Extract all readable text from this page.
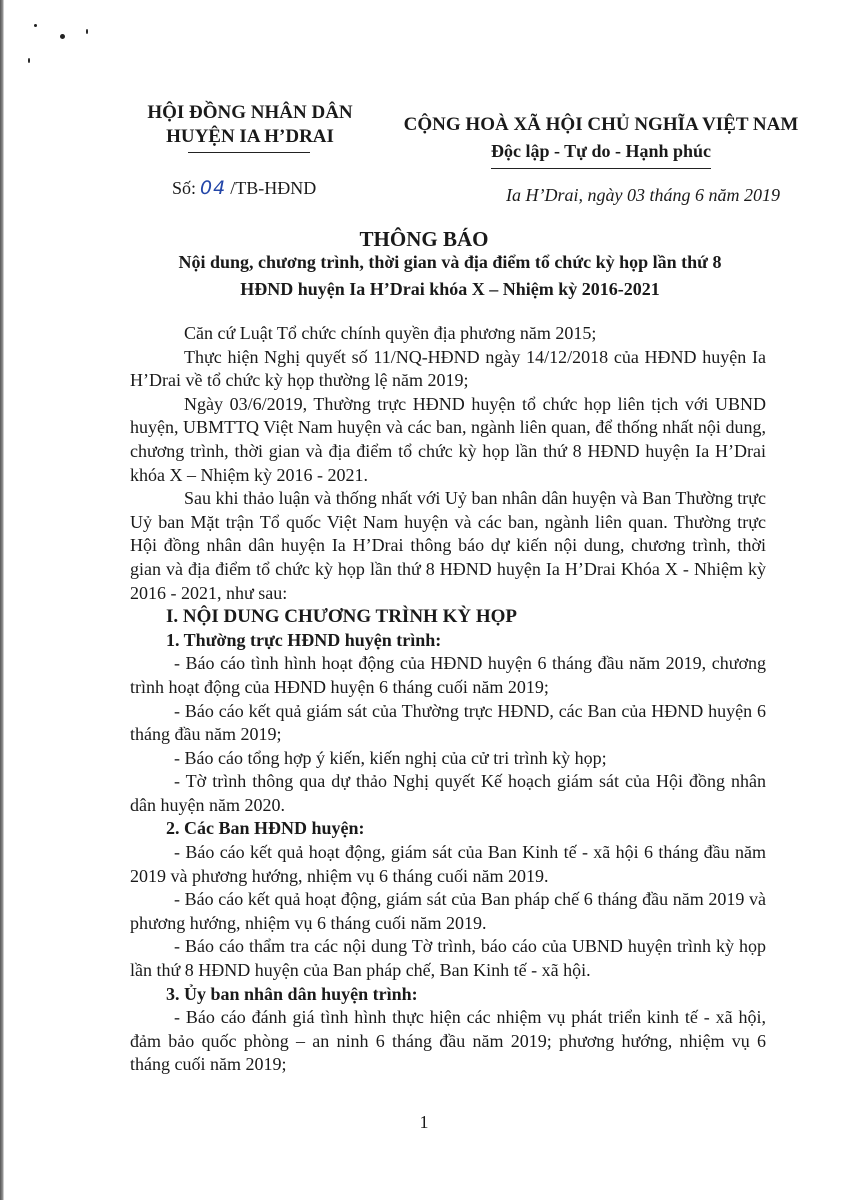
HỘI ĐỒNG NHÂN DÂN
HUYỆN IA H’DRAI
CỘNG HOÀ XÃ HỘI CHỦ NGHĨA VIỆT NAM
Độc lập - Tự do - Hạnh phúc
Số: 04 /TB-HĐND	Ia H’Drai, ngày 03 tháng 6 năm 2019
THÔNG BÁO
Nội dung, chương trình, thời gian và địa điểm tổ chức kỳ họp lần thứ 8
HĐND huyện Ia H’Drai khóa X – Nhiệm kỳ 2016-2021

Căn cứ Luật Tổ chức chính quyền địa phương năm 2015;

Thực hiện Nghị quyết số 11/NQ-HĐND ngày 14/12/2018 của HĐND huyện Ia H’Drai về tổ chức kỳ họp thường lệ năm 2019;

Ngày 03/6/2019, Thường trực HĐND huyện tổ chức họp liên tịch với UBND huyện, UBMTTQ Việt Nam huyện và các ban, ngành liên quan, để thống nhất nội dung, chương trình, thời gian và địa điểm tổ chức kỳ họp lần thứ 8 HĐND huyện Ia H’Drai khóa X – Nhiệm kỳ 2016 - 2021.

Sau khi thảo luận và thống nhất với Uỷ ban nhân dân huyện và Ban Thường trực Uỷ ban Mặt trận Tổ quốc Việt Nam huyện và các ban, ngành liên quan. Thường trực Hội đồng nhân dân huyện Ia H’Drai thông báo dự kiến nội dung, chương trình, thời gian và địa điểm tổ chức kỳ họp lần thứ 8 HĐND huyện Ia H’Drai Khóa X - Nhiệm kỳ 2016 - 2021, như sau:

I. NỘI DUNG CHƯƠNG TRÌNH KỲ HỌP

1. Thường trực HĐND huyện trình:

- Báo cáo tình hình hoạt động của HĐND huyện 6 tháng đầu năm 2019, chương trình hoạt động của HĐND huyện 6 tháng cuối năm 2019;

- Báo cáo kết quả giám sát của Thường trực HĐND, các Ban của HĐND huyện 6 tháng đầu năm 2019;

- Báo cáo tổng hợp ý kiến, kiến nghị của cử tri trình kỳ họp;

- Tờ trình thông qua dự thảo Nghị quyết Kế hoạch giám sát của Hội đồng nhân dân huyện năm 2020.

2. Các Ban HĐND huyện:

- Báo cáo kết quả hoạt động, giám sát của Ban Kinh tế - xã hội 6 tháng đầu năm 2019 và phương hướng, nhiệm vụ 6 tháng cuối năm 2019.

- Báo cáo kết quả hoạt động, giám sát của Ban pháp chế 6 tháng đầu năm 2019 và phương hướng, nhiệm vụ 6 tháng cuối năm 2019.

- Báo cáo thẩm tra các nội dung Tờ trình, báo cáo của UBND huyện trình kỳ họp lần thứ 8 HĐND huyện của Ban pháp chế, Ban Kinh tế - xã hội.

3. Ủy ban nhân dân huyện trình:

- Báo cáo đánh giá tình hình thực hiện các nhiệm vụ phát triển kinh tế - xã hội, đảm bảo quốc phòng – an ninh 6 tháng đầu năm 2019; phương hướng, nhiệm vụ 6 tháng cuối năm 2019;

1
